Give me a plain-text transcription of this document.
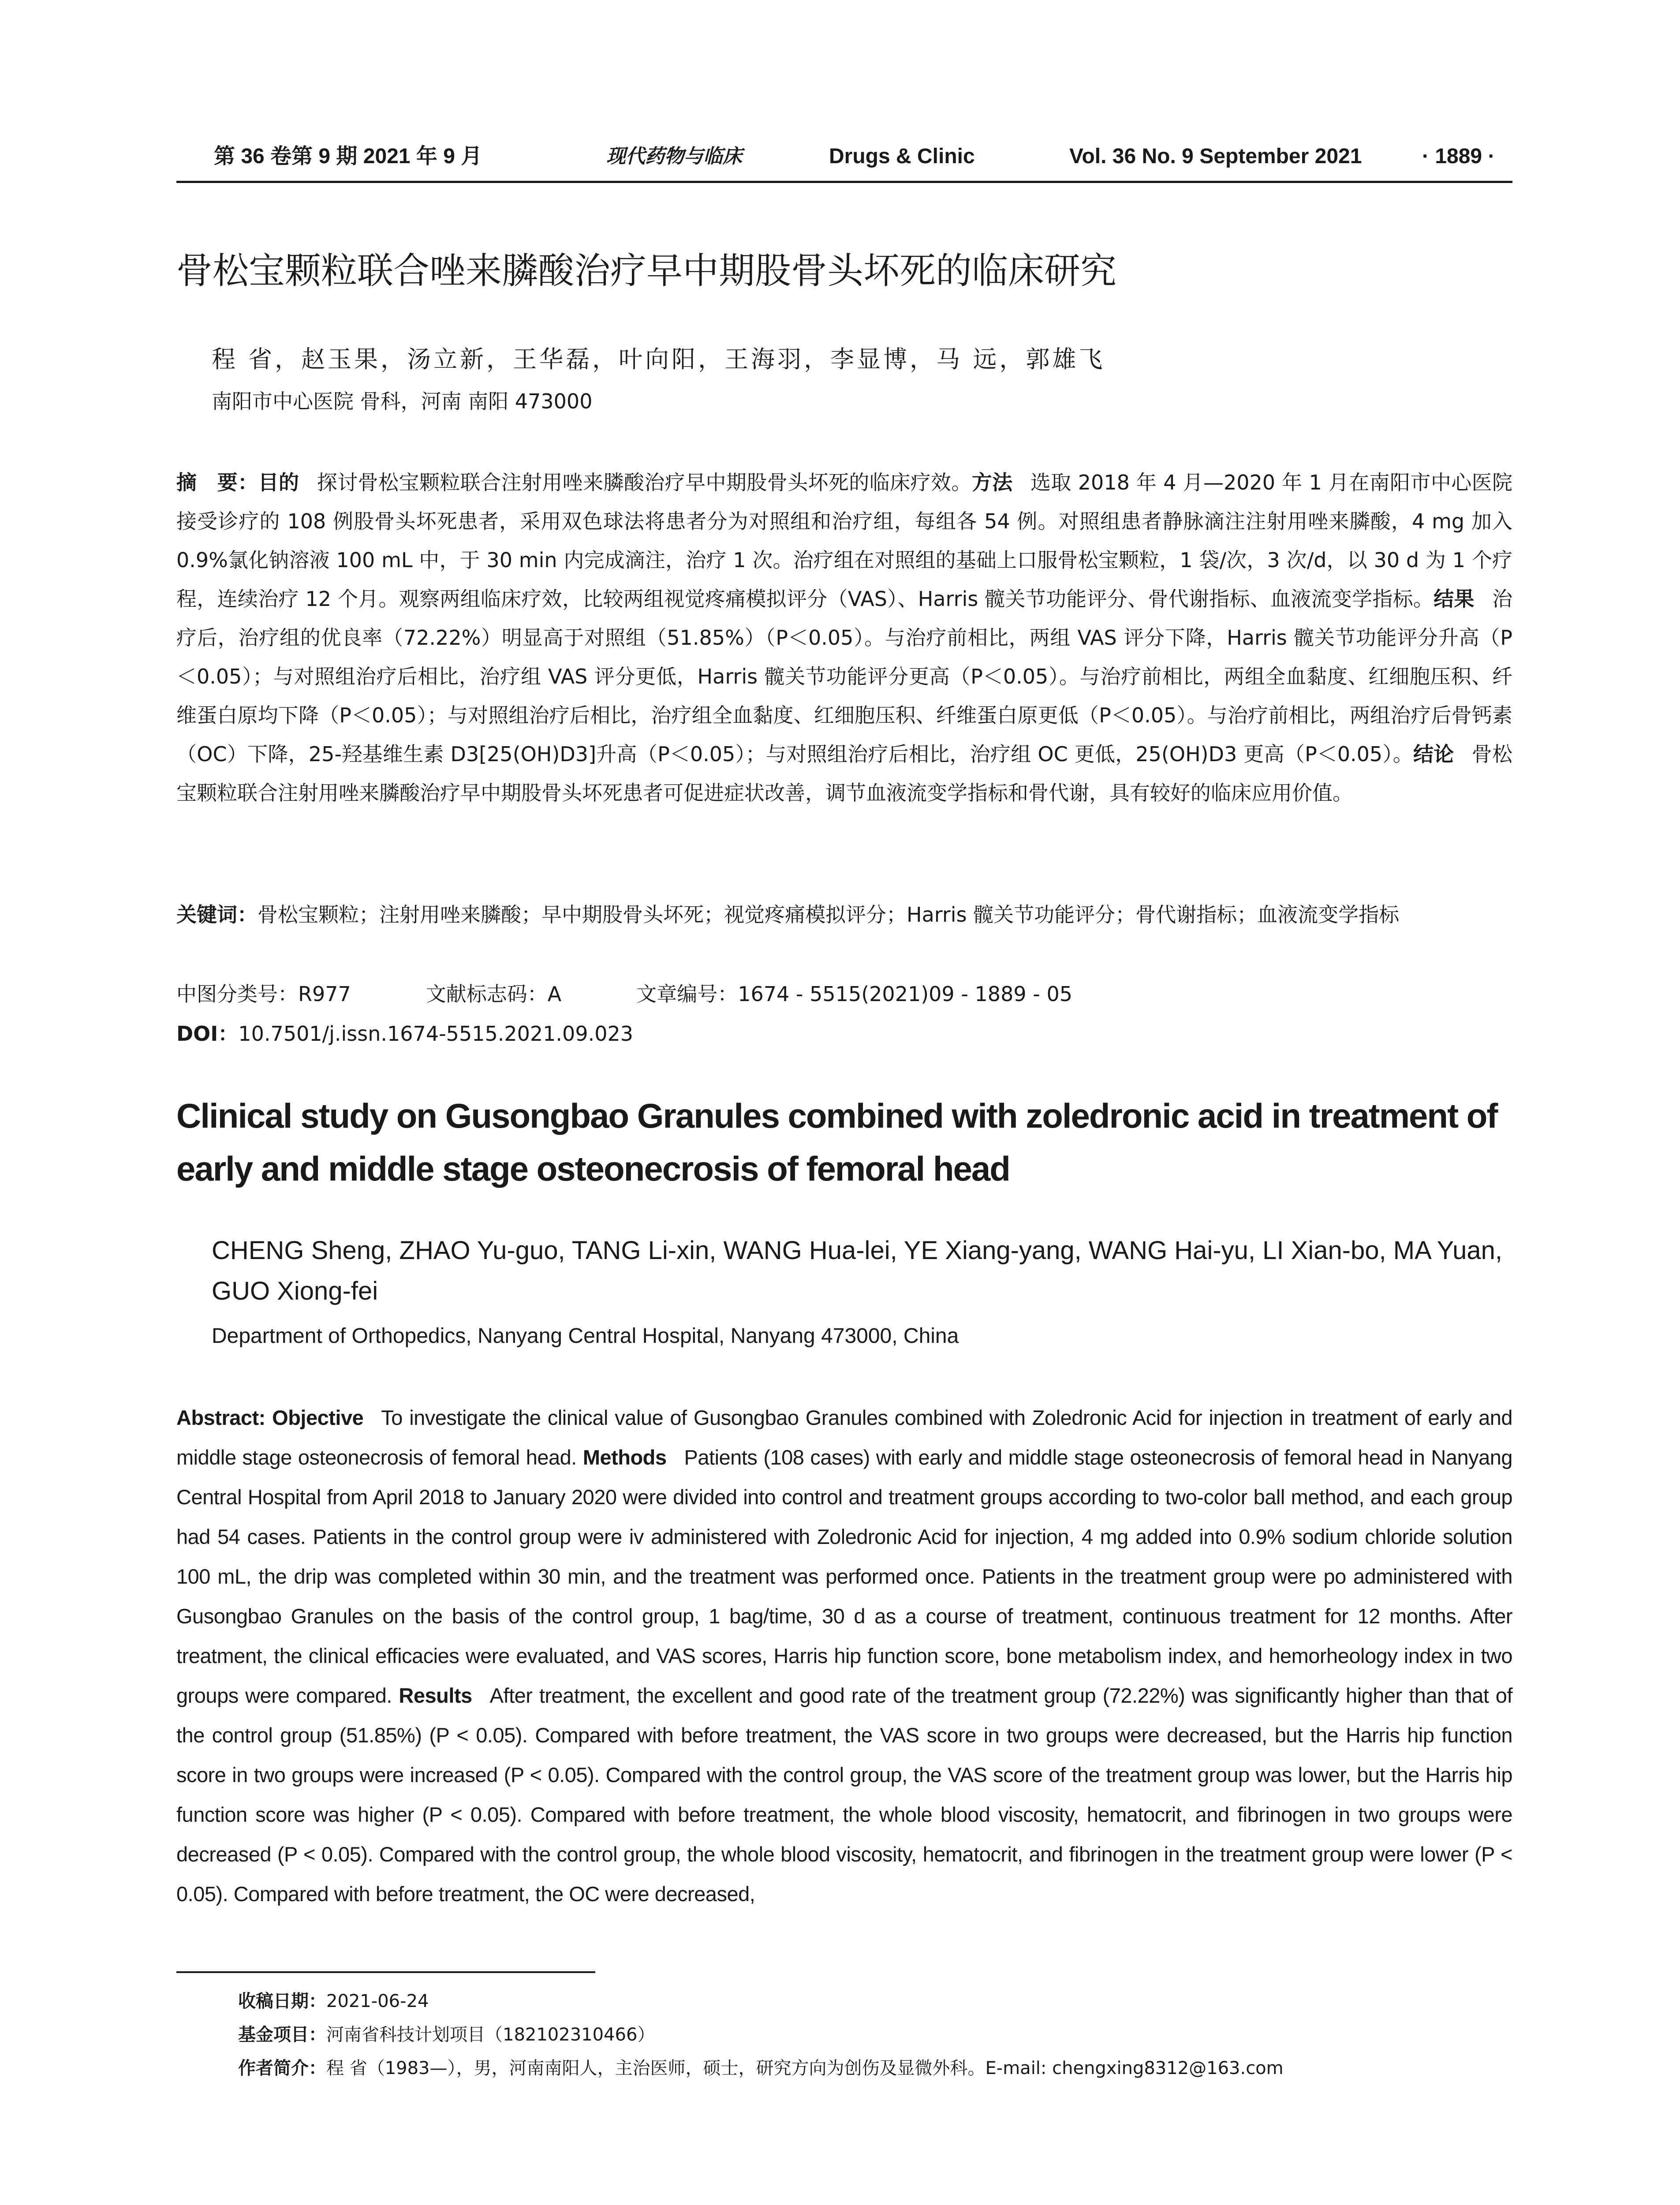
第 36 卷第 9 期 2021 年 9 月	现代药物与临床	Drugs & Clinic	Vol. 36 No. 9 September 2021	· 1889 ·
骨松宝颗粒联合唑来膦酸治疗早中期股骨头坏死的临床研究
程 省，赵玉果，汤立新，王华磊，叶向阳，王海羽，李显博，马 远，郭雄飞
南阳市中心医院 骨科，河南 南阳 473000
摘　要：目的 探讨骨松宝颗粒联合注射用唑来膦酸治疗早中期股骨头坏死的临床疗效。方法 选取 2018 年 4 月—2020 年 1 月在南阳市中心医院接受诊疗的 108 例股骨头坏死患者，采用双色球法将患者分为对照组和治疗组，每组各 54 例。对照组患者静脉滴注注射用唑来膦酸，4 mg 加入 0.9%氯化钠溶液 100 mL 中，于 30 min 内完成滴注，治疗 1 次。治疗组在对照组的基础上口服骨松宝颗粒，1 袋/次，3 次/d，以 30 d 为 1 个疗程，连续治疗 12 个月。观察两组临床疗效，比较两组视觉疼痛模拟评分（VAS）、Harris 髋关节功能评分、骨代谢指标、血液流变学指标。结果 治疗后，治疗组的优良率（72.22%）明显高于对照组（51.85%）（P＜0.05）。与治疗前相比，两组 VAS 评分下降，Harris 髋关节功能评分升高（P＜0.05）；与对照组治疗后相比，治疗组 VAS 评分更低，Harris 髋关节功能评分更高（P＜0.05）。与治疗前相比，两组全血黏度、红细胞压积、纤维蛋白原均下降（P＜0.05）；与对照组治疗后相比，治疗组全血黏度、红细胞压积、纤维蛋白原更低（P＜0.05）。与治疗前相比，两组治疗后骨钙素（OC）下降，25-羟基维生素 D3[25(OH)D3]升高（P＜0.05）；与对照组治疗后相比，治疗组 OC 更低，25(OH)D3 更高（P＜0.05）。结论 骨松宝颗粒联合注射用唑来膦酸治疗早中期股骨头坏死患者可促进症状改善，调节血液流变学指标和骨代谢，具有较好的临床应用价值。
关键词：骨松宝颗粒；注射用唑来膦酸；早中期股骨头坏死；视觉疼痛模拟评分；Harris 髋关节功能评分；骨代谢指标；血液流变学指标
中图分类号：R977	文献标志码：A	文章编号：1674 - 5515(2021)09 - 1889 - 05
DOI：10.7501/j.issn.1674-5515.2021.09.023
Clinical study on Gusongbao Granules combined with zoledronic acid in treatment of early and middle stage osteonecrosis of femoral head
CHENG Sheng, ZHAO Yu-guo, TANG Li-xin, WANG Hua-lei, YE Xiang-yang, WANG Hai-yu, LI Xian-bo, MA Yuan, GUO Xiong-fei
Department of Orthopedics, Nanyang Central Hospital, Nanyang 473000, China
Abstract: Objective To investigate the clinical value of Gusongbao Granules combined with Zoledronic Acid for injection in treatment of early and middle stage osteonecrosis of femoral head. Methods Patients (108 cases) with early and middle stage osteonecrosis of femoral head in Nanyang Central Hospital from April 2018 to January 2020 were divided into control and treatment groups according to two-color ball method, and each group had 54 cases. Patients in the control group were iv administered with Zoledronic Acid for injection, 4 mg added into 0.9% sodium chloride solution 100 mL, the drip was completed within 30 min, and the treatment was performed once. Patients in the treatment group were po administered with Gusongbao Granules on the basis of the control group, 1 bag/time, 30 d as a course of treatment, continuous treatment for 12 months. After treatment, the clinical efficacies were evaluated, and VAS scores, Harris hip function score, bone metabolism index, and hemorheology index in two groups were compared. Results After treatment, the excellent and good rate of the treatment group (72.22%) was significantly higher than that of the control group (51.85%) (P < 0.05). Compared with before treatment, the VAS score in two groups were decreased, but the Harris hip function score in two groups were increased (P < 0.05). Compared with the control group, the VAS score of the treatment group was lower, but the Harris hip function score was higher (P < 0.05). Compared with before treatment, the whole blood viscosity, hematocrit, and fibrinogen in two groups were decreased (P < 0.05). Compared with the control group, the whole blood viscosity, hematocrit, and fibrinogen in the treatment group were lower (P < 0.05). Compared with before treatment, the OC were decreased,
收稿日期：2021-06-24
基金项目：河南省科技计划项目（182102310466）
作者简介：程 省（1983—），男，河南南阳人，主治医师，硕士，研究方向为创伤及显微外科。E-mail: chengxing8312@163.com
